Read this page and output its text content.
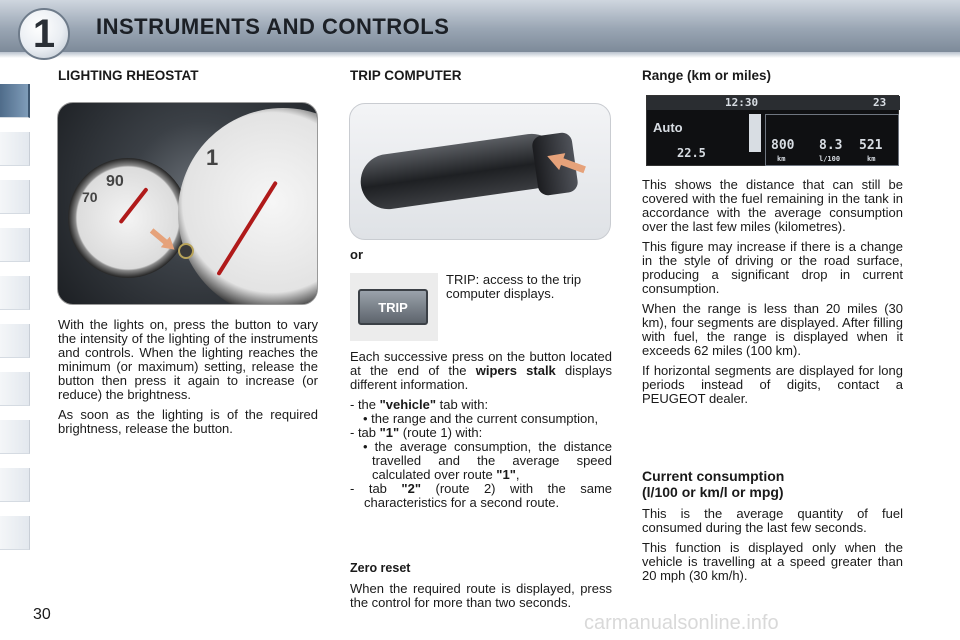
1 INSTRUMENTS AND CONTROLS
LIGHTING RHEOSTAT
90
70
1

With the lights on, press the button to vary the intensity of the lighting of the instruments and controls. When the lighting reaches the minimum (or maximum) setting, release the button then press it again to increase (or reduce) the brightness.

As soon as the lighting is of the required brightness, release the button.

TRIP COMPUTER
or
TRIP
TRIP: access to the trip computer displays.

Each successive press on the button located at the end of the wipers stalk displays different information.

- the "vehicle" tab with:
• the range and the current consumption,
- tab "1" (route 1) with:
• the average consumption, the distance travelled and the average speed calculated over route "1",
- tab "2" (route 2) with the same characteristics for a second route.
Zero reset

When the required route is displayed, press the control for more than two seconds.

Range (km or miles)
12:30	23
Auto
22.5	800 8.3 521
km	l/100	km

This shows the distance that can still be covered with the fuel remaining in the tank in accordance with the average consumption over the last few miles (kilometres).

This figure may increase if there is a change in the style of driving or the road surface, producing a significant drop in current consumption.

When the range is less than 20 miles (30 km), four segments are displayed. After filling with fuel, the range is displayed when it exceeds 62 miles (100 km).

If horizontal segments are displayed for long periods instead of digits, contact a PEUGEOT dealer.

Current consumption
(l/100 or km/l or mpg)

This is the average quantity of fuel consumed during the last few seconds.

This function is displayed only when the vehicle is travelling at a speed greater than 20 mph (30 km/h).

30	carmanualsonline.info
